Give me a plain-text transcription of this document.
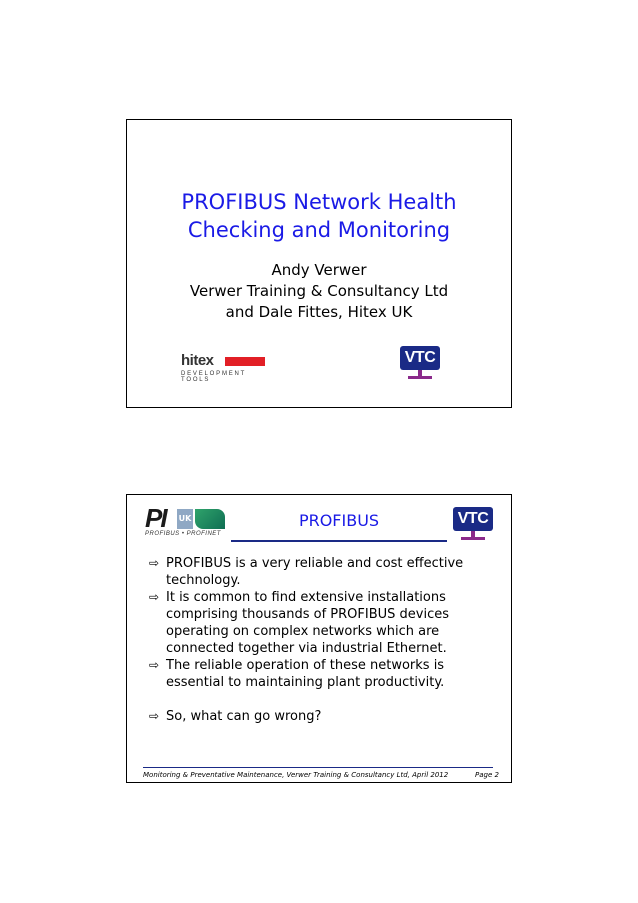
PROFIBUS Network Health
Checking and Monitoring
Andy Verwer
Verwer Training & Consultancy Ltd
and Dale Fittes, Hitex UK
hitex
DEVELOPMENT TOOLS
VTC
PI UK
PROFIBUS • PROFINET
PROFIBUS	VTC
⇨ PROFIBUS is a very reliable and cost effective technology.
⇨ It is common to find extensive installations comprising thousands of PROFIBUS devices operating on complex networks which are connected together via industrial Ethernet.
⇨ The reliable operation of these networks is essential to maintaining plant productivity.
⇨ So, what can go wrong?
Monitoring & Preventative Maintenance, Verwer Training & Consultancy Ltd, April 2012	Page 2
